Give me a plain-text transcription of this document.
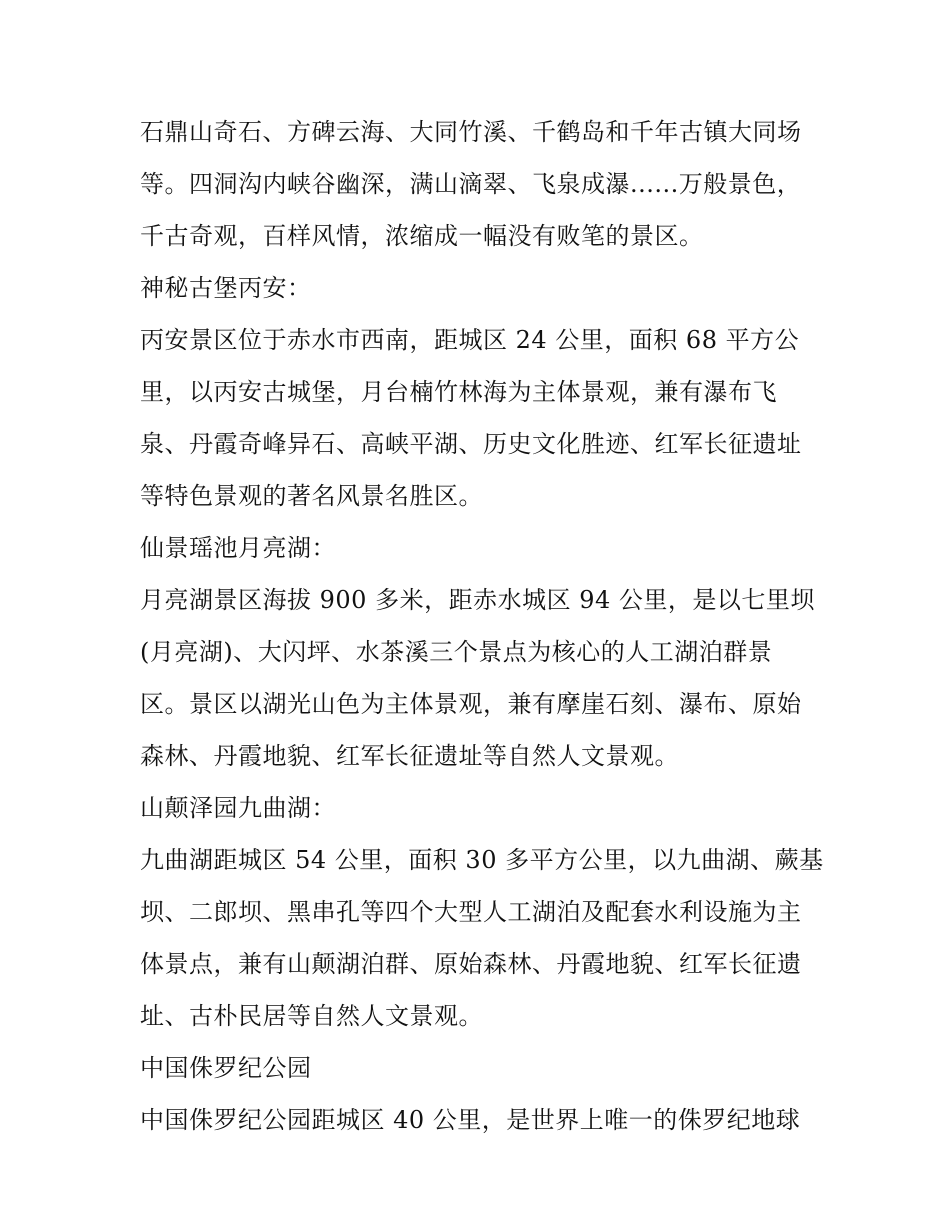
石鼎山奇石、方碑云海、大同竹溪、千鹤岛和千年古镇大同场
等。四洞沟内峡谷幽深，满山滴翠、飞泉成瀑......万般景色，
千古奇观，百样风情，浓缩成一幅没有败笔的景区。
神秘古堡丙安：
丙安景区位于赤水市西南，距城区 24 公里，面积 68 平方公
里，以丙安古城堡，月台楠竹林海为主体景观，兼有瀑布飞
泉、丹霞奇峰异石、高峡平湖、历史文化胜迹、红军长征遗址
等特色景观的著名风景名胜区。
仙景瑶池月亮湖：
月亮湖景区海拔 900 多米，距赤水城区 94 公里，是以七里坝
(月亮湖)、大闪坪、水茶溪三个景点为核心的人工湖泊群景
区。景区以湖光山色为主体景观，兼有摩崖石刻、瀑布、原始
森林、丹霞地貌、红军长征遗址等自然人文景观。
山颠泽园九曲湖：
九曲湖距城区 54 公里，面积 30 多平方公里，以九曲湖、蕨基
坝、二郎坝、黑串孔等四个大型人工湖泊及配套水利设施为主
体景点，兼有山颠湖泊群、原始森林、丹霞地貌、红军长征遗
址、古朴民居等自然人文景观。
中国侏罗纪公园
中国侏罗纪公园距城区 40 公里，是世界上唯一的侏罗纪地球
